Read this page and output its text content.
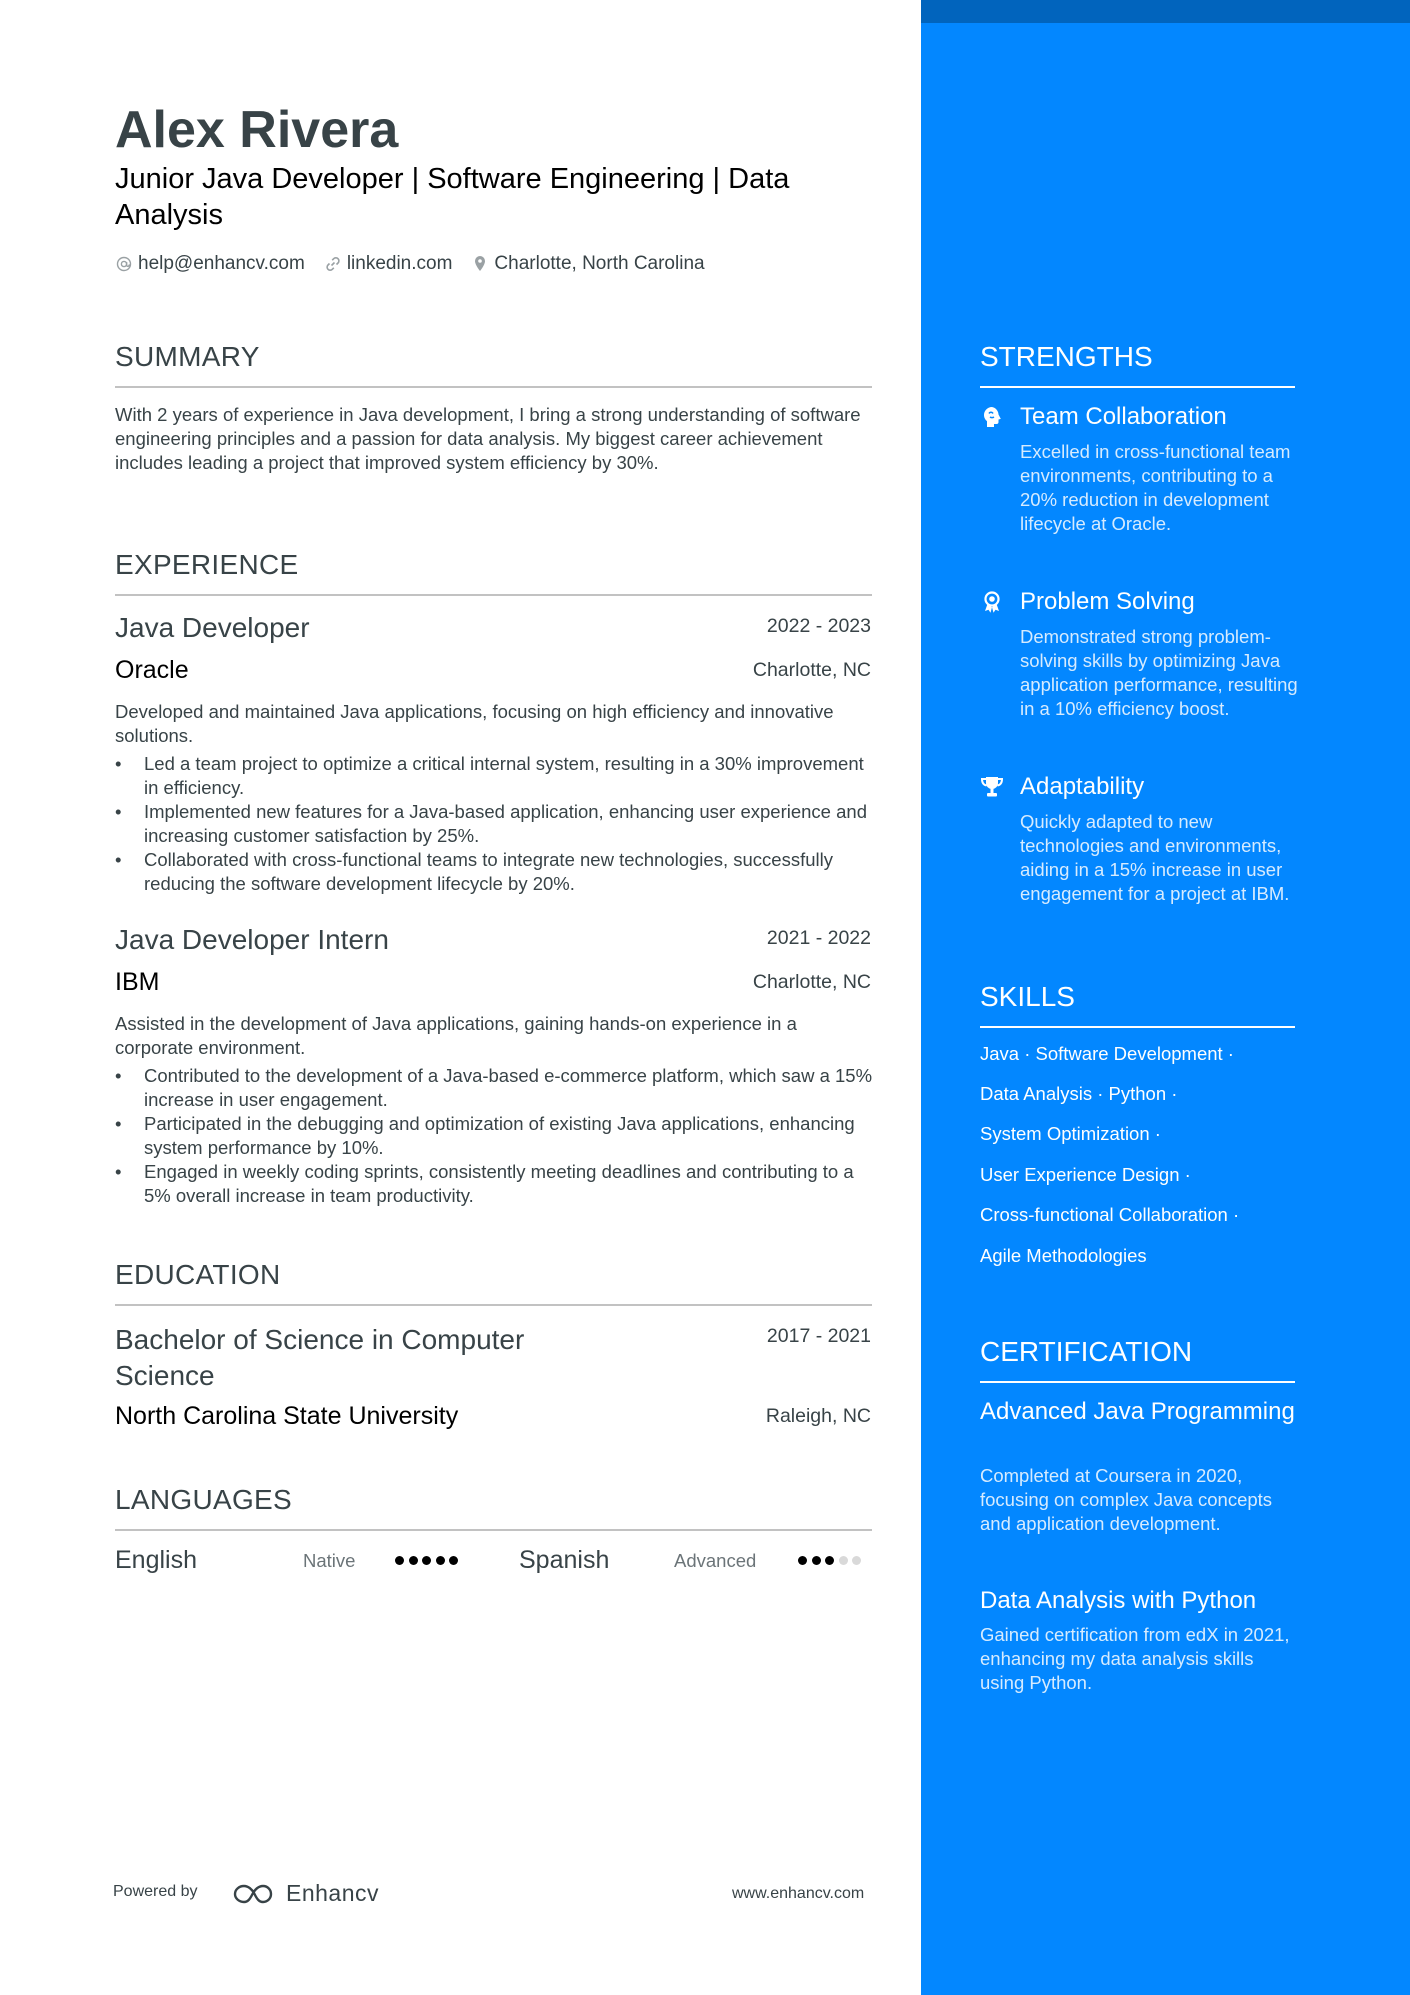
Alex Rivera
Junior Java Developer | Software Engineering | Data Analysis
help@enhancv.com linkedin.com Charlotte, North Carolina
SUMMARY
With 2 years of experience in Java development, I bring a strong understanding of software engineering principles and a passion for data analysis. My biggest career achievement includes leading a project that improved system efficiency by 30%.
EXPERIENCE
Java Developer	2022 - 2023
Oracle	Charlotte, NC
Developed and maintained Java applications, focusing on high efficiency and innovative solutions.
• Led a team project to optimize a critical internal system, resulting in a 30% improvement in efficiency.
• Implemented new features for a Java-based application, enhancing user experience and increasing customer satisfaction by 25%.
• Collaborated with cross-functional teams to integrate new technologies, successfully reducing the software development lifecycle by 20%.
Java Developer Intern	2021 - 2022
IBM	Charlotte, NC
Assisted in the development of Java applications, gaining hands-on experience in a corporate environment.
• Contributed to the development of a Java-based e-commerce platform, which saw a 15% increase in user engagement.
• Participated in the debugging and optimization of existing Java applications, enhancing system performance by 10%.
• Engaged in weekly coding sprints, consistently meeting deadlines and contributing to a 5% overall increase in team productivity.
EDUCATION
Bachelor of Science in Computer Science
2017 - 2021
North Carolina State University	Raleigh, NC
LANGUAGES
English	Native	Spanish	Advanced
Powered by	Enhancv	www.enhancv.com
STRENGTHS
Team Collaboration
Excelled in cross-functional team environments, contributing to a 20% reduction in development lifecycle at Oracle.
Problem Solving
Demonstrated strong problem-solving skills by optimizing Java application performance, resulting in a 10% efficiency boost.
Adaptability
Quickly adapted to new technologies and environments, aiding in a 15% increase in user engagement for a project at IBM.
SKILLS
Java · Software Development ·
Data Analysis · Python ·
System Optimization ·
User Experience Design ·
Cross-functional Collaboration ·
Agile Methodologies
CERTIFICATION
Advanced Java Programming
Completed at Coursera in 2020, focusing on complex Java concepts and application development.
Data Analysis with Python
Gained certification from edX in 2021, enhancing my data analysis skills using Python.
